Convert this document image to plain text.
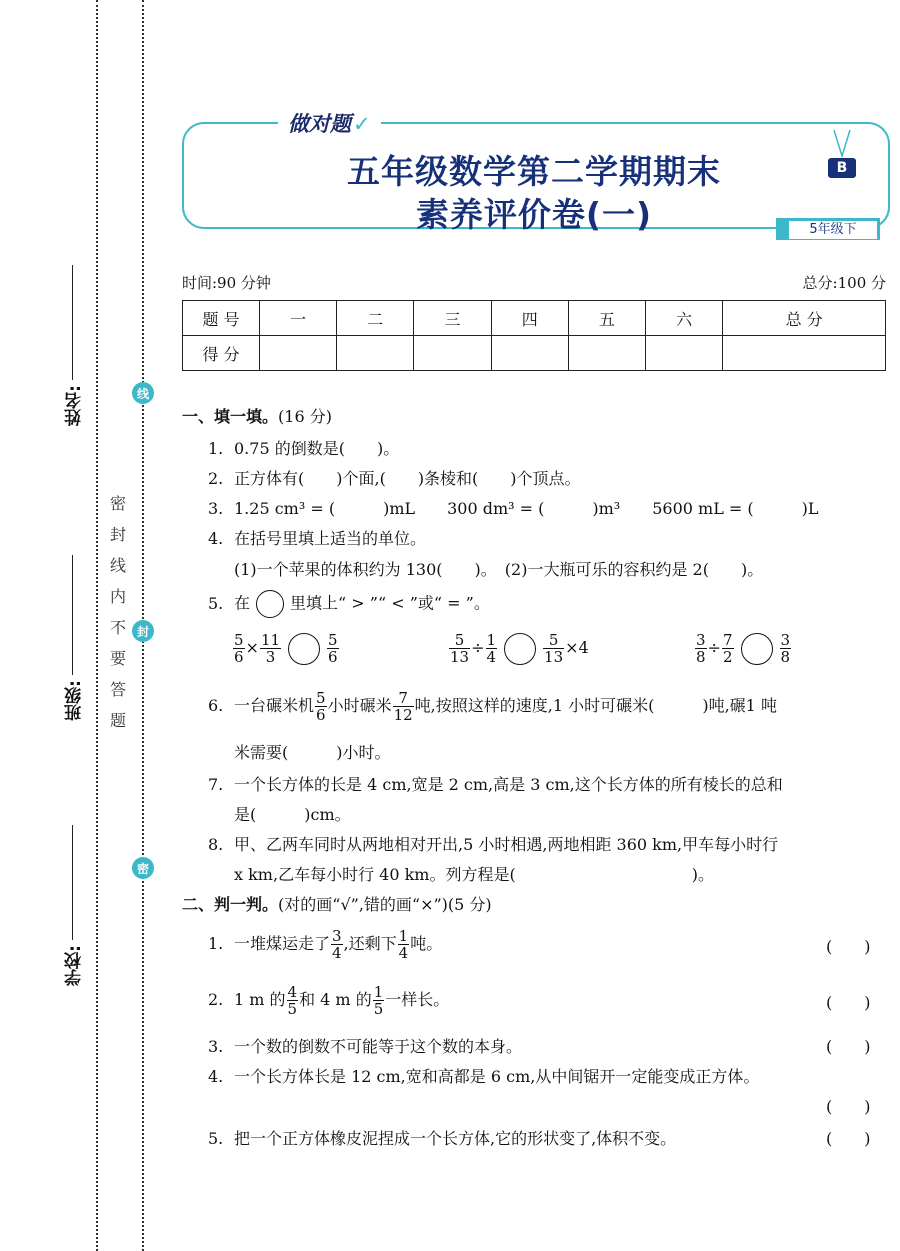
姓名:
班级:
学校:
线
封
密
密
封
线
内
不
要
答
题
做对题✓
五年级数学第二学期期末
素养评价卷(一)
B
5年级下
时间:90 分钟	总分:100 分
题 号	一	二	三	四	五	六	总 分
得 分							
一、填一填。(16 分)
1. 0.75 的倒数是(　　)。
2. 正方体有(　　)个面,(　　)条棱和(　　)个顶点。
3. 1.25 cm³ = (　　　)mL　　300 dm³ = (　　　)m³　　5600 mL = (　　　)L
4. 在括号里填上适当的单位。
(1)一个苹果的体积约为 130(　　)。　(2)一大瓶可乐的容积约是 2(　　)。
5. 在	里填上“ > ”“ < ”或“ = ”。
$\frac{5}{6} \times \frac{11}{3}$	$\frac{5}{6}$	$\frac{5}{13} \div \frac{1}{4}$	$\frac{5}{13} \times 4$	$\frac{3}{8} \div \frac{7}{2}$	$\frac{3}{8}$
6. 一台碾米机 $\frac{5}{6}$ 小时碾米 $\frac{7}{12}$ 吨,按照这样的速度,1 小时可碾米(　　　)吨,碾1 吨
米需要(　　　)小时。
7. 一个长方体的长是 4 cm,宽是 2 cm,高是 3 cm,这个长方体的所有棱长的总和
是(　　　)cm。
8. 甲、乙两车同时从两地相对开出,5 小时相遇,两地相距 360 km,甲车每小时行
x km,乙车每小时行 40 km。列方程是(　　　　　　　　　　　)。
二、判一判。(对的画“√”,错的画“×”)(5 分)
1. 一堆煤运走了 $\frac{3}{4}$ ,还剩下 $\frac{1}{4}$ 吨。	(　　)
2. 1 m 的 $\frac{4}{5}$ 和 4 m 的 $\frac{1}{5}$ 一样长。	(　　)
3. 一个数的倒数不可能等于这个数的本身。	(　　)
4. 一个长方体长是 12 cm,宽和高都是 6 cm,从中间锯开一定能变成正方体。
(　　)
5. 把一个正方体橡皮泥捏成一个长方体,它的形状变了,体积不变。	(　　)
